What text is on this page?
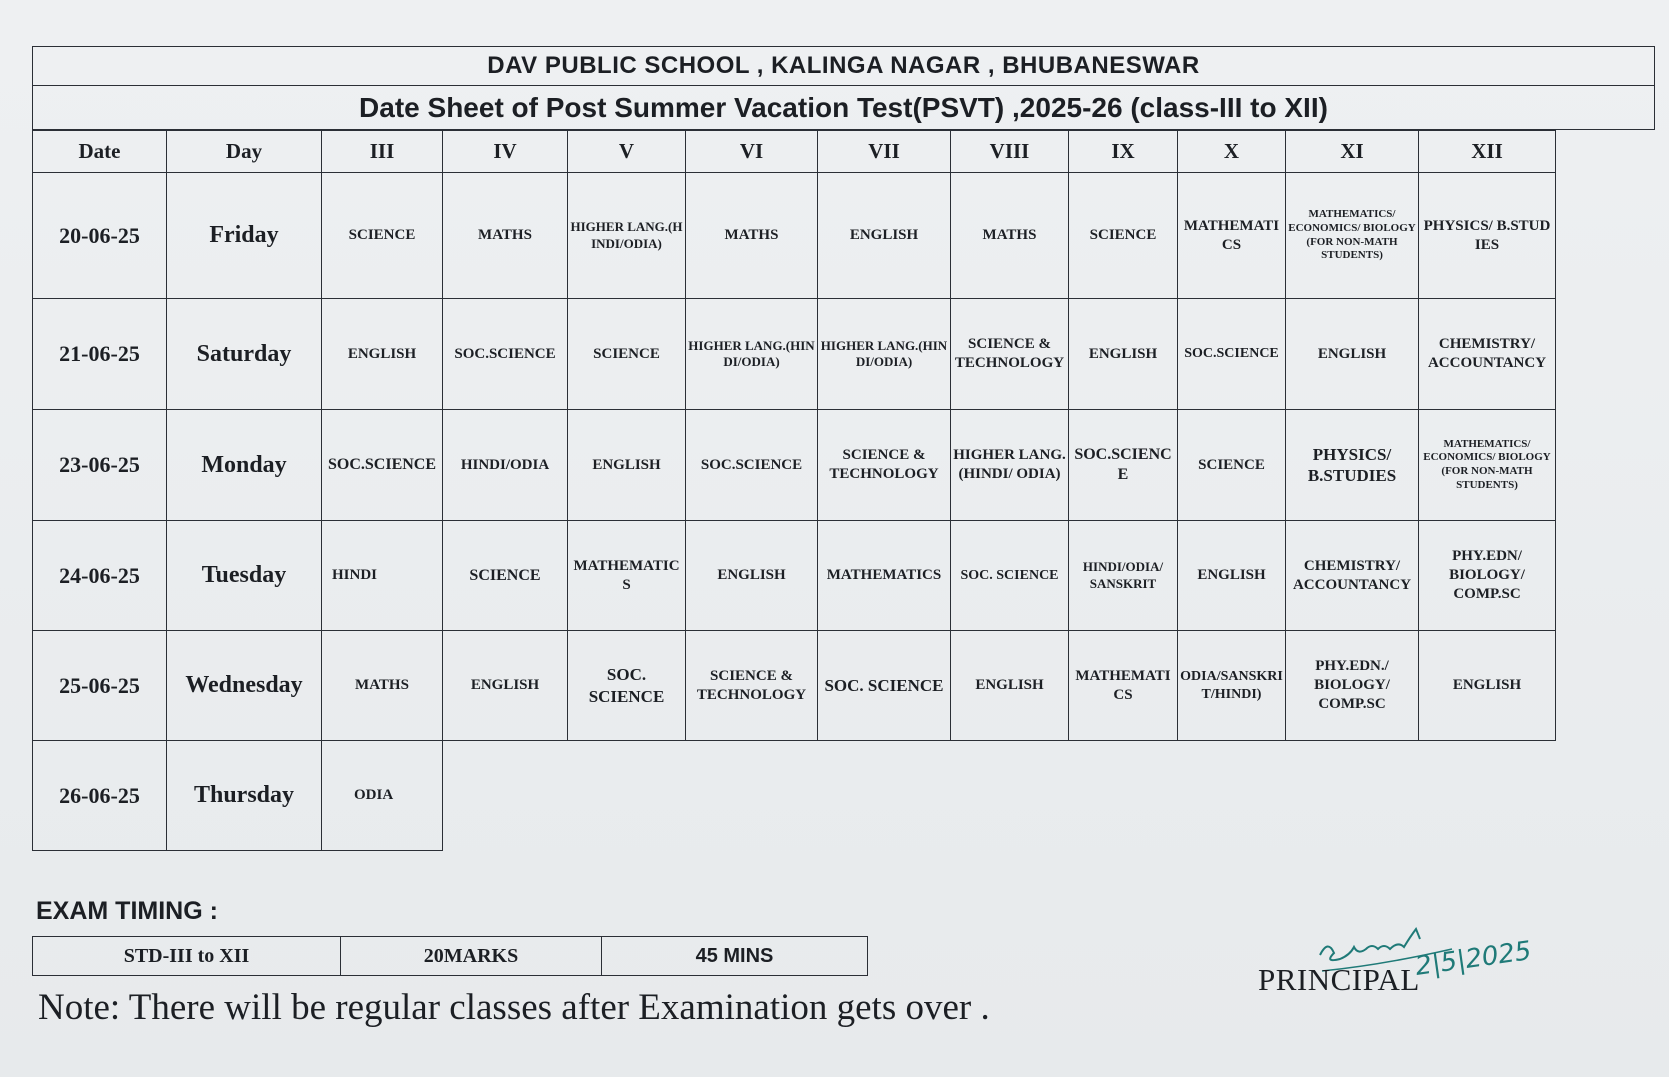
DAV PUBLIC SCHOOL , KALINGA NAGAR , BHUBANESWAR
Date Sheet of Post Summer Vacation Test(PSVT) ,2025-26 (class-III to XII)
Date	Day	III	IV	V	VI	VII	VIII	IX	X	XI	XII
20-06-25	Friday	SCIENCE	MATHS	HIGHER LANG.(HINDI/ODIA)	MATHS	ENGLISH	MATHS	SCIENCE	MATHEMATICS	MATHEMATICS/ ECONOMICS/ BIOLOGY (FOR NON-MATH STUDENTS)	PHYSICS/ B.STUDIES
21-06-25	Saturday	ENGLISH	SOC.SCIENCE	SCIENCE	HIGHER LANG.(HINDI/ODIA)	HIGHER LANG.(HINDI/ODIA)	SCIENCE & TECHNOLOGY	ENGLISH	SOC.SCIENCE	ENGLISH	CHEMISTRY/ ACCOUNTANCY
23-06-25	Monday	SOC.SCIENCE	HINDI/ODIA	ENGLISH	SOC.SCIENCE	SCIENCE & TECHNOLOGY	HIGHER LANG.(HINDI/ ODIA)	SOC.SCIENCE	SCIENCE	PHYSICS/ B.STUDIES	MATHEMATICS/ ECONOMICS/ BIOLOGY (FOR NON-MATH STUDENTS)
24-06-25	Tuesday	HINDI	SCIENCE	MATHEMATICS	ENGLISH	MATHEMATICS	SOC. SCIENCE	HINDI/ODIA/ SANSKRIT	ENGLISH	CHEMISTRY/ ACCOUNTANCY	PHY.EDN/ BIOLOGY/ COMP.SC
25-06-25	Wednesday	MATHS	ENGLISH	SOC. SCIENCE	SCIENCE & TECHNOLOGY	SOC. SCIENCE	ENGLISH	MATHEMATICS	ODIA/SANSKRIT/HINDI)	PHY.EDN./ BIOLOGY/ COMP.SC	ENGLISH
26-06-25	Thursday	ODIA									
EXAM TIMING :
STD-III to XII	20MARKS	45 MINS
Note: There will be regular classes after Examination gets over .
2|5|2025
PRINCIPAL
